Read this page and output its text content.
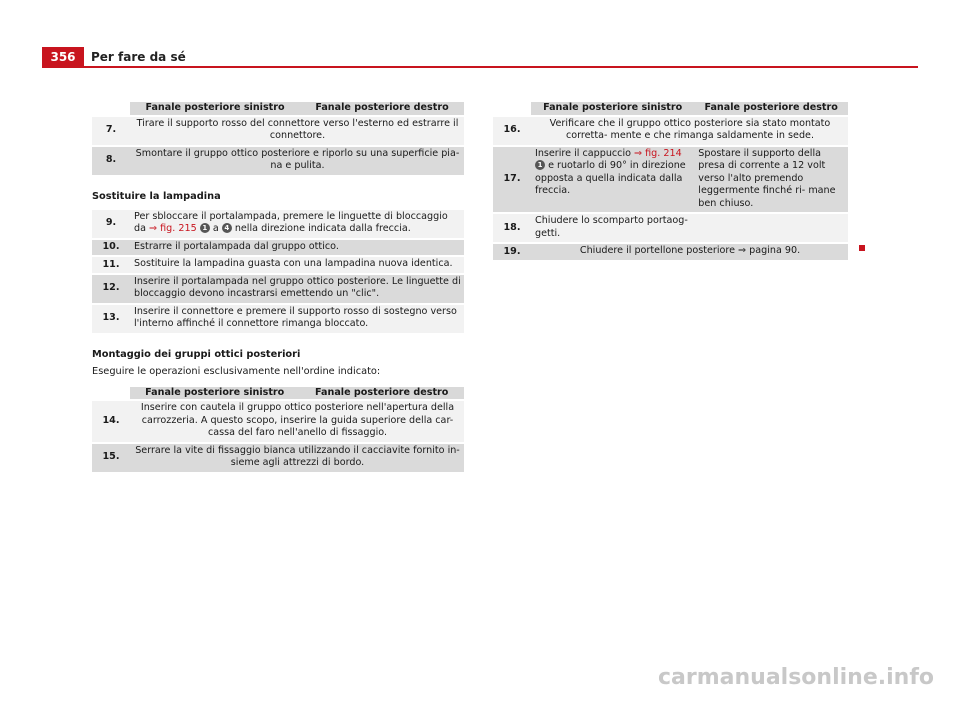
356	Per fare da sé
	Fanale posteriore sinistro	Fanale posteriore destro
7.	Tirare il supporto rosso del connettore verso l'esterno ed estrarre il connettore.	
8.	Smontare il gruppo ottico posteriore e riporlo su una superficie pia- na e pulita.	
Sostituire la lampadina
9.	Per sbloccare il portalampada, premere le linguette di bloccaggio da ⇒ fig. 215 1 a 4 nella direzione indicata dalla freccia.
10.	Estrarre il portalampada dal gruppo ottico.
11.	Sostituire la lampadina guasta con una lampadina nuova identica.
12.	Inserire il portalampada nel gruppo ottico posteriore. Le linguette di bloccaggio devono incastrarsi emettendo un "clic".
13.	Inserire il connettore e premere il supporto rosso di sostegno verso l'interno affinché il connettore rimanga bloccato.
Montaggio dei gruppi ottici posteriori
Eseguire le operazioni esclusivamente nell'ordine indicato:
	Fanale posteriore sinistro	Fanale posteriore destro
14.	Inserire con cautela il gruppo ottico posteriore nell'apertura della carrozzeria. A questo scopo, inserire la guida superiore della car- cassa del faro nell'anello di fissaggio.	
15.	Serrare la vite di fissaggio bianca utilizzando il cacciavite fornito in- sieme agli attrezzi di bordo.	
	Fanale posteriore sinistro	Fanale posteriore destro
16.	Verificare che il gruppo ottico posteriore sia stato montato corretta- mente e che rimanga saldamente in sede.	
17.	Inserire il cappuccio ⇒ fig. 214 1 e ruotarlo di 90° in direzione opposta a quella indicata dalla freccia.	Spostare il supporto della presa di corrente a 12 volt verso l'alto premendo leggermente finché ri- mane ben chiuso.
18.	Chiudere lo scomparto portaog- getti.	
19.	Chiudere il portellone posteriore ⇒ pagina 90.	
carmanualsonline.info
